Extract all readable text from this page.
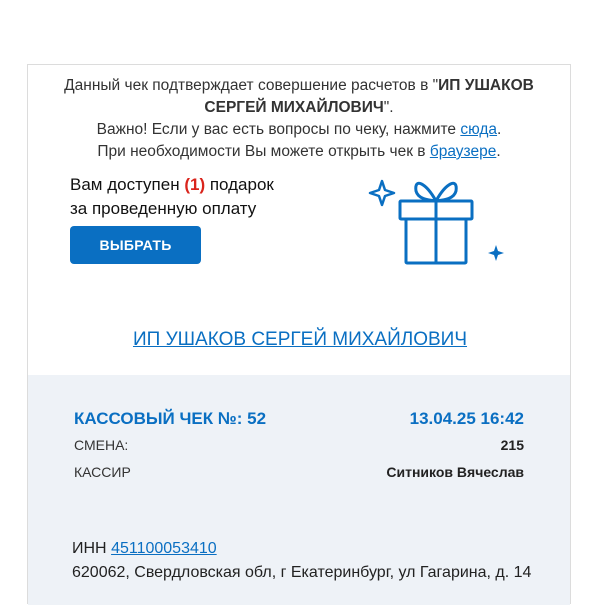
Данный чек подтверждает совершение расчетов в "ИП УШАКОВ СЕРГЕЙ МИХАЙЛОВИЧ".
Важно! Если у вас есть вопросы по чеку, нажмите сюда.
При необходимости Вы можете открыть чек в браузере.
Вам доступен (1) подарок
за проведенную оплату
ВЫБРАТЬ
ИП УШАКОВ СЕРГЕЙ МИХАЙЛОВИЧ
КАССОВЫЙ ЧЕК №: 52	13.04.25 16:42
СМЕНА:	215
КАССИР	Ситников Вячеслав
ИНН 451100053410
620062, Свердловская обл, г Екатеринбург, ул Гагарина, д. 14
